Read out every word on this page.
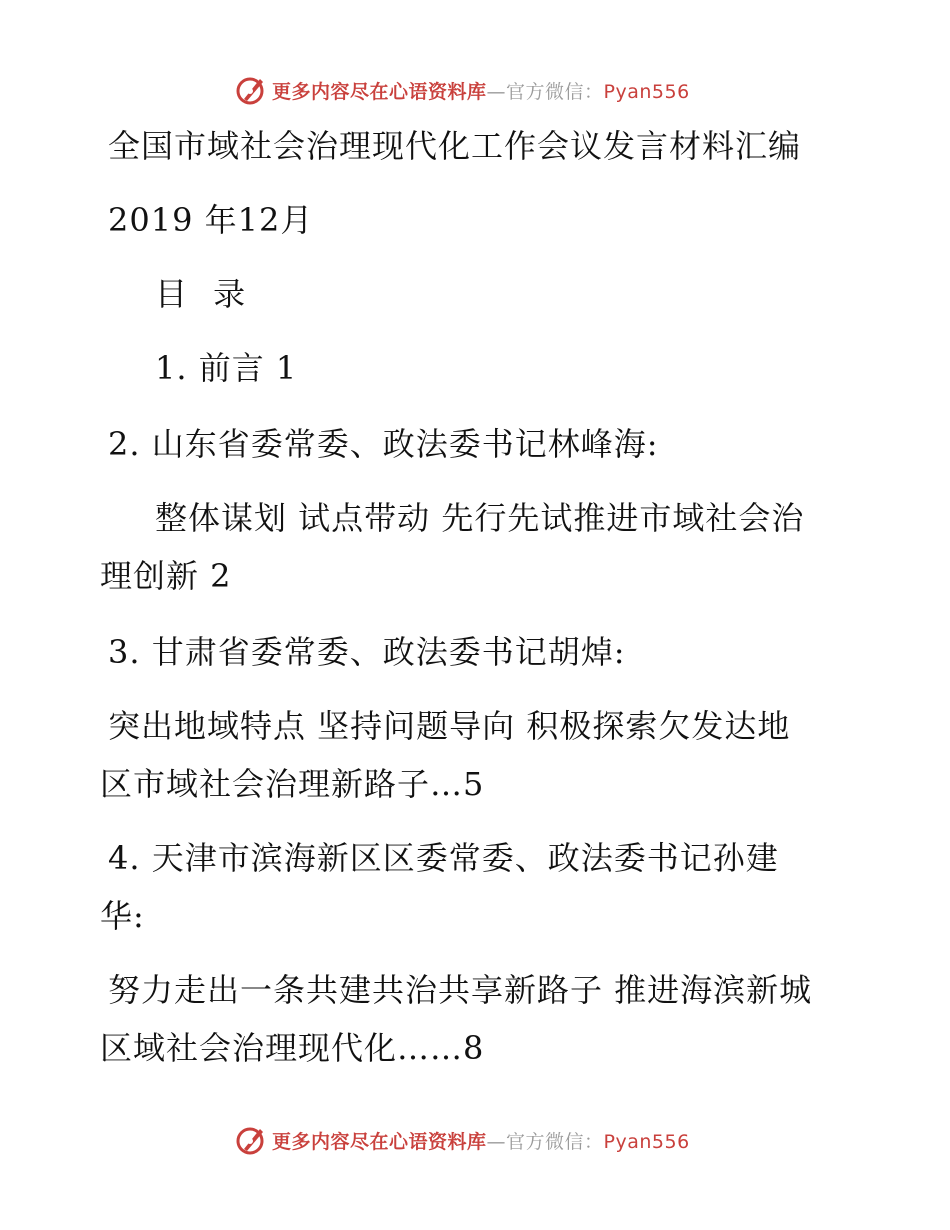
更多内容尽在心语资料库—官方微信：Pyan556
全国市域社会治理现代化工作会议发言材料汇编
2019 年12月
目 录
1. 前言 1
2. 山东省委常委、政法委书记林峰海:
整体谋划 试点带动 先行先试推进市域社会治
理创新 2
3. 甘肃省委常委、政法委书记胡焯:
突出地域特点 坚持问题导向 积极探索欠发达地
区市域社会治理新路子…5
4. 天津市滨海新区区委常委、政法委书记孙建
华:
努力走出一条共建共治共享新路子 推进海滨新城
区域社会治理现代化……8
更多内容尽在心语资料库—官方微信：Pyan556
